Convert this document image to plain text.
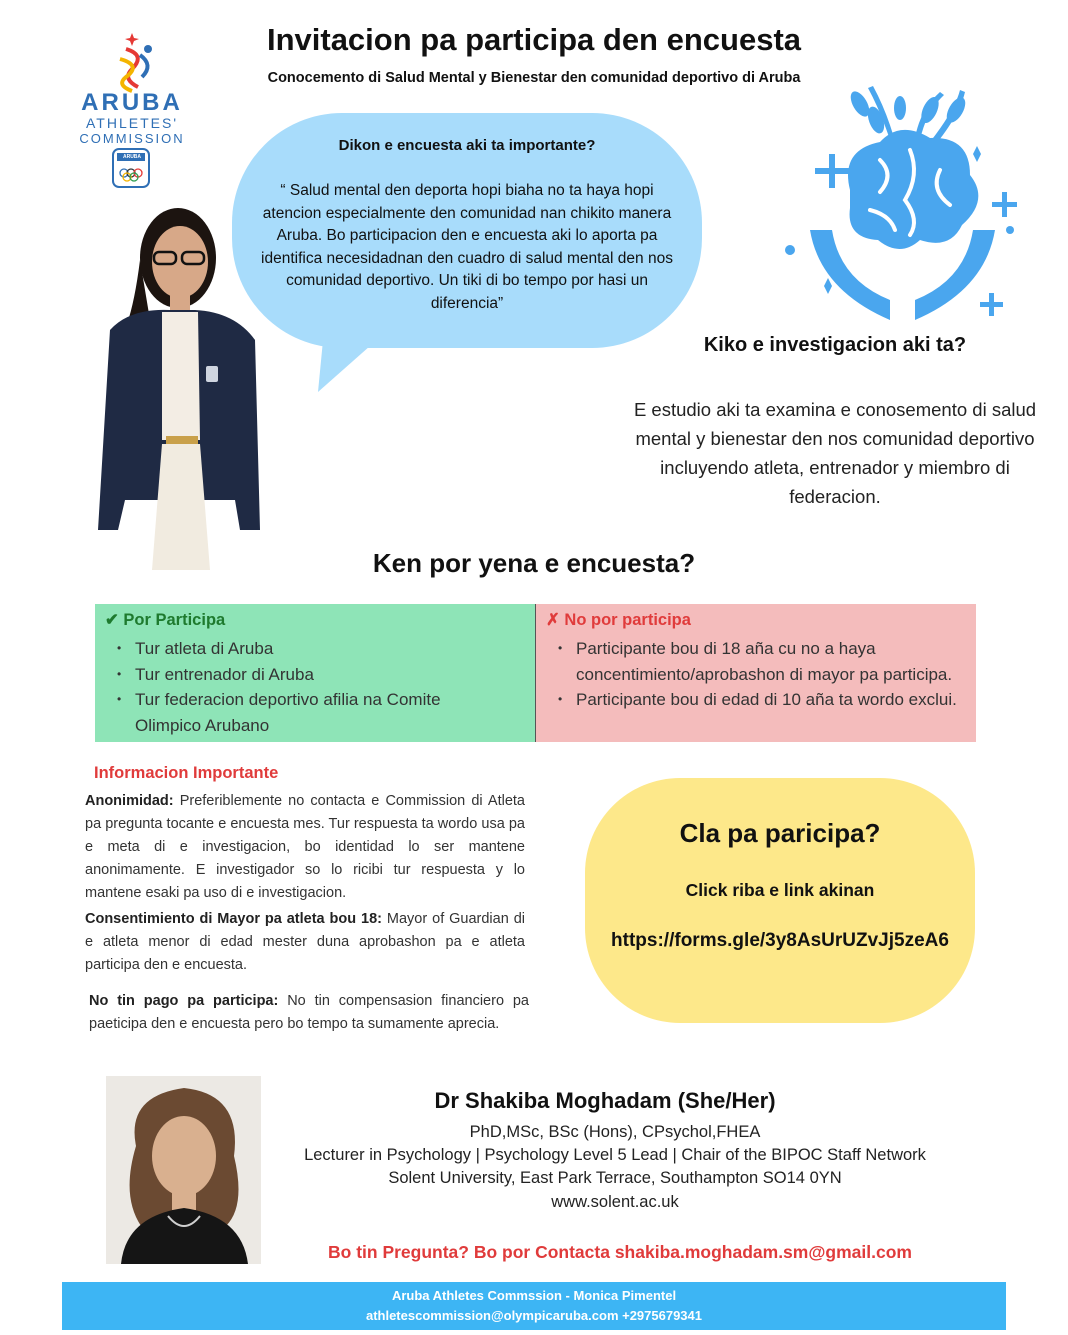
Invitacion pa participa den encuesta
Conocemento di Salud Mental y Bienestar den comunidad deportivo di Aruba
ARUBA
ATHLETES'
COMMISSION
ARUBA
Dikon e encuesta aki ta importante?
“ Salud mental den deporta hopi biaha no ta haya hopi atencion especialmente den comunidad nan chikito manera Aruba. Bo participacion den e encuesta aki lo aporta pa identifica necesidadnan den cuadro di salud mental den nos comunidad deportivo. Un tiki di bo tempo por hasi un diferencia”
Kiko e investigacion aki ta?
E estudio aki ta examina e conosemento di salud mental y bienestar den nos comunidad deportivo incluyendo atleta, entrenador y miembro di federacion.
Ken por yena e encuesta?
✔ Por Participa
• Tur atleta di Aruba
• Tur entrenador di Aruba
• Tur federacion deportivo afilia na Comite Olimpico Arubano
✗ No por participa
• Participante bou di 18 aña cu no a haya concentimiento/aprobashon di mayor pa participa.
• Participante bou di edad di 10 aña ta wordo exclui.
Informacion Importante
Anonimidad: Preferiblemente no contacta e Commission di Atleta pa pregunta tocante e encuesta mes. Tur respuesta ta wordo usa pa e meta di e investigacion, bo identidad lo ser mantene anonimamente. E investigador so lo ricibi tur respuesta y lo mantene esaki pa uso di e investigacion.
Consentimiento di Mayor pa atleta bou 18: Mayor of Guardian di e atleta menor di edad mester duna aprobashon pa e atleta participa den e encuesta.
No tin pago pa participa: No tin compensasion financiero pa paeticipa den e encuesta pero bo tempo ta sumamente aprecia.
Cla pa paricipa?
Click riba e link akinan
https://forms.gle/3y8AsUrUZvJj5zeA6
Dr Shakiba Moghadam (She/Her)
PhD,MSc, BSc (Hons), CPsychol,FHEA
Lecturer in Psychology | Psychology Level 5 Lead | Chair of the BIPOC Staff Network
Solent University, East Park Terrace, Southampton SO14 0YN
www.solent.ac.uk
Bo tin Pregunta? Bo por Contacta shakiba.moghadam.sm@gmail.com
Aruba Athletes Commssion - Monica Pimentel
athletescommission@olympicaruba.com +2975679341
